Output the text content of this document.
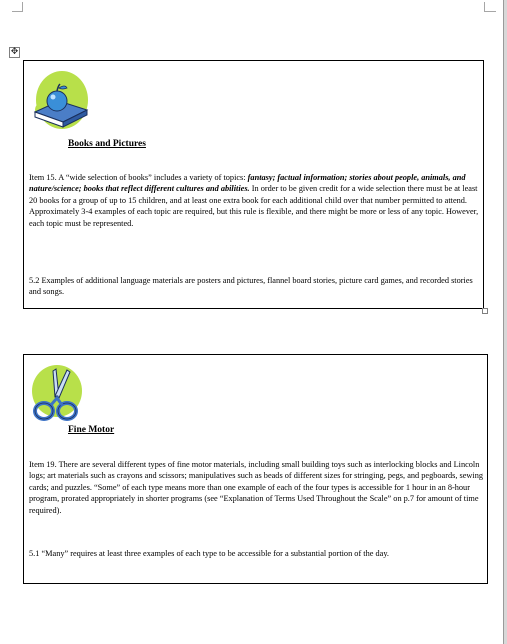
✥
Books and Pictures

Item 15. A “wide selection of books” includes a variety of topics: fantasy; factual information; stories about people, animals, and nature/science; books that reflect different cultures and abilities. In order to be given credit for a wide selection there must be at least 20 books for a group of up to 15 children, and at least one extra book for each additional child over that number permitted to attend. Approximately 3-4 examples of each topic are required, but this rule is flexible, and there might be more or less of any topic. However, each topic must be represented.

5.2 Examples of additional language materials are posters and pictures, flannel board stories, picture card games, and recorded stories and songs.

Fine Motor

Item 19. There are several different types of fine motor materials, including small building toys such as interlocking blocks and Lincoln logs; art materials such as crayons and scissors; manipulatives such as beads of different sizes for stringing, pegs, and pegboards, sewing cards; and puzzles. “Some” of each type means more than one example of each of the four types is accessible for 1 hour in an 8-hour program, prorated appropriately in shorter programs (see “Explanation of Terms Used Throughout the Scale” on p.7 for amount of time required).

5.1 “Many” requires at least three examples of each type to be accessible for a substantial portion of the day.
